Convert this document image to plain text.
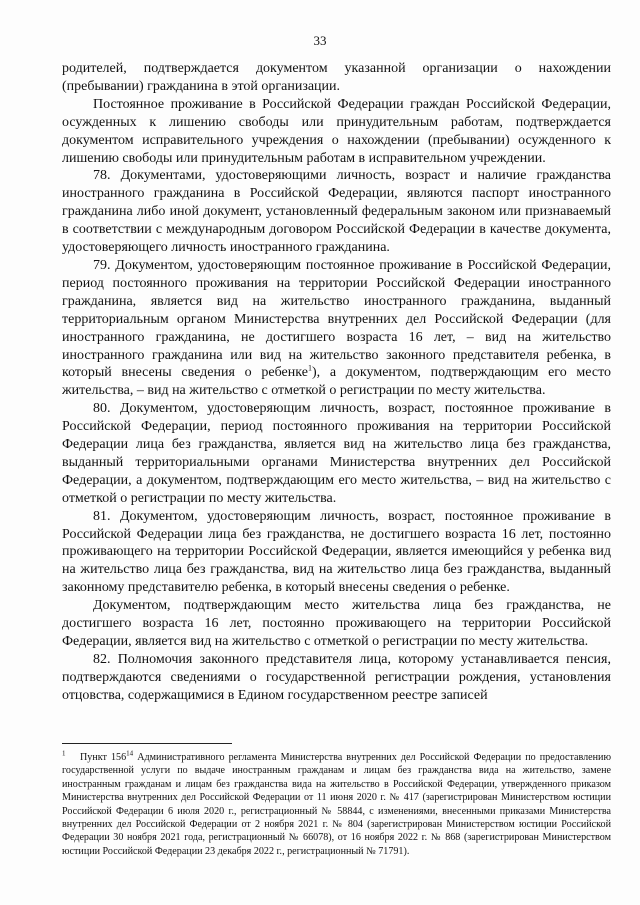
33

родителей, подтверждается документом указанной организации о нахождении (пребывании) гражданина в этой организации.

Постоянное проживание в Российской Федерации граждан Российской Федерации, осужденных к лишению свободы или принудительным работам, подтверждается документом исправительного учреждения о нахождении (пребывании) осужденного к лишению свободы или принудительным работам в исправительном учреждении.

78. Документами, удостоверяющими личность, возраст и наличие гражданства иностранного гражданина в Российской Федерации, являются паспорт иностранного гражданина либо иной документ, установленный федеральным законом или признаваемый в соответствии с международным договором Российской Федерации в качестве документа, удостоверяющего личность иностранного гражданина.

79. Документом, удостоверяющим постоянное проживание в Российской Федерации, период постоянного проживания на территории Российской Федерации иностранного гражданина, является вид на жительство иностранного гражданина, выданный территориальным органом Министерства внутренних дел Российской Федерации (для иностранного гражданина, не достигшего возраста 16 лет, – вид на жительство иностранного гражданина или вид на жительство законного представителя ребенка, в который внесены сведения о ребенке$^1$), а документом, подтверждающим его место жительства, – вид на жительство с отметкой о регистрации по месту жительства.

80. Документом, удостоверяющим личность, возраст, постоянное проживание в Российской Федерации, период постоянного проживания на территории Российской Федерации лица без гражданства, является вид на жительство лица без гражданства, выданный территориальными органами Министерства внутренних дел Российской Федерации, а документом, подтверждающим его место жительства, – вид на жительство с отметкой о регистрации по месту жительства.

81. Документом, удостоверяющим личность, возраст, постоянное проживание в Российской Федерации лица без гражданства, не достигшего возраста 16 лет, постоянно проживающего на территории Российской Федерации, является имеющийся у ребенка вид на жительство лица без гражданства, вид на жительство лица без гражданства, выданный законному представителю ребенка, в который внесены сведения о ребенке.

Документом, подтверждающим место жительства лица без гражданства, не достигшего возраста 16 лет, постоянно проживающего на территории Российской Федерации, является вид на жительство с отметкой о регистрации по месту жительства.

82. Полномочия законного представителя лица, которому устанавливается пенсия, подтверждаются сведениями о государственной регистрации рождения, установления отцовства, содержащимися в Едином государственном реестре записей

$^1$ Пункт $156^{14}$ Административного регламента Министерства внутренних дел Российской Федерации по предоставлению государственной услуги по выдаче иностранным гражданам и лицам без гражданства вида на жительство, замене иностранным гражданам и лицам без гражданства вида на жительство в Российской Федерации, утвержденного приказом Министерства внутренних дел Российской Федерации от 11 июня 2020 г. № 417 (зарегистрирован Министерством юстиции Российской Федерации 6 июля 2020 г., регистрационный № 58844, с изменениями, внесенными приказами Министерства внутренних дел Российской Федерации от 2 ноября 2021 г. № 804 (зарегистрирован Министерством юстиции Российской Федерации 30 ноября 2021 года, регистрационный № 66078), от 16 ноября 2022 г. № 868 (зарегистрирован Министерством юстиции Российской Федерации 23 декабря 2022 г., регистрационный № 71791).
